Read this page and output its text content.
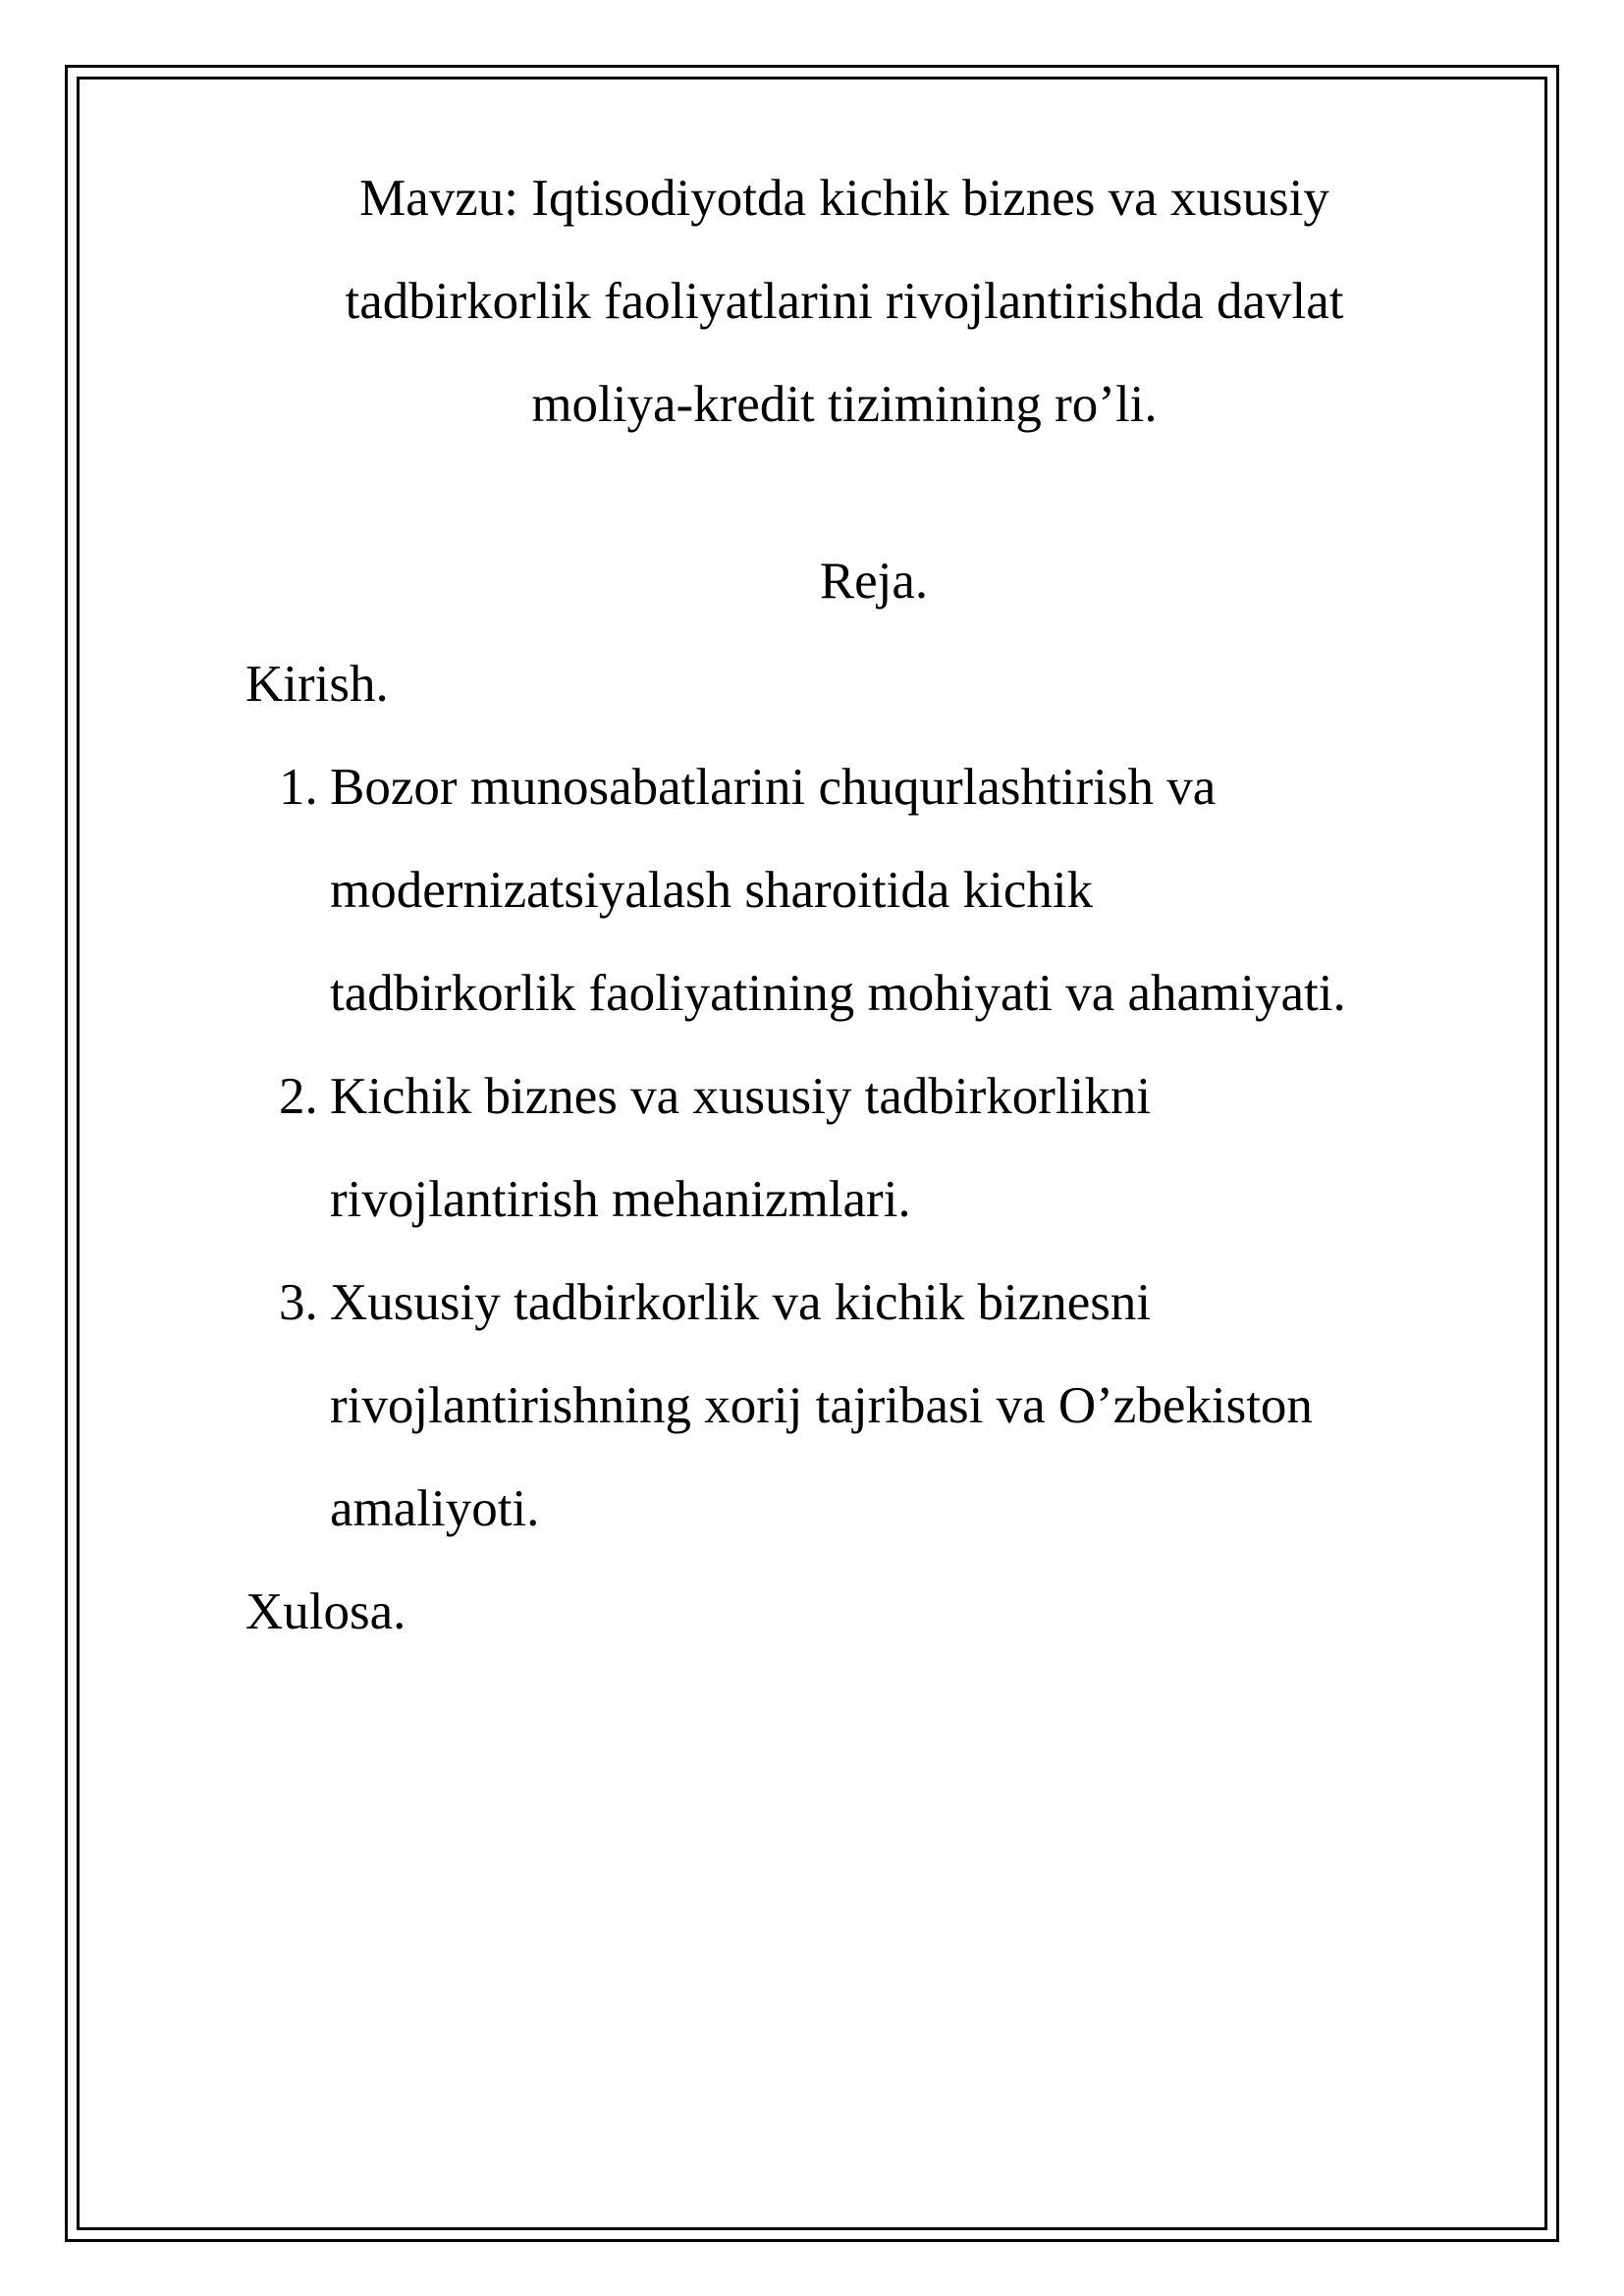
Mavzu: Iqtisodiyotda kichik biznes va xususiy
tadbirkorlik faoliyatlarini rivojlantirishda davlat
moliya-kredit tizimining ro’li.
Reja.
Kirish.
1. Bozor munosabatlarini chuqurlashtirish va
modernizatsiyalash sharoitida kichik
tadbirkorlik faoliyatining mohiyati va ahamiyati.
2. Kichik biznes va xususiy tadbirkorlikni
rivojlantirish mehanizmlari.
3. Xususiy tadbirkorlik va kichik biznesni
rivojlantirishning xorij tajribasi va O’zbekiston
amaliyoti.
Xulosa.
